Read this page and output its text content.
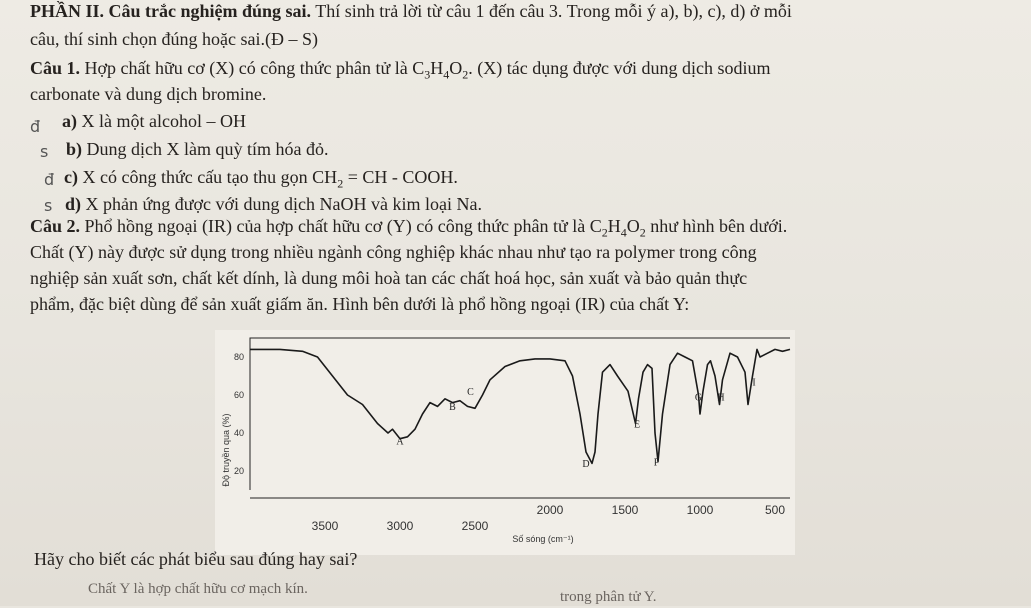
PHẦN II. Câu trắc nghiệm đúng sai. Thí sinh trả lời từ câu 1 đến câu 3. Trong mỗi ý a), b), c), d) ở mỗi
câu, thí sinh chọn đúng hoặc sai.(Đ – S)
Câu 1. Hợp chất hữu cơ (X) có công thức phân tử là $C_3H_4O_2$. (X) tác dụng được với dung dịch sodium
carbonate và dung dịch bromine.
a) X là một alcohol – OH
đ
b) Dung dịch X làm quỳ tím hóa đỏ.
s
c) X có công thức cấu tạo thu gọn $CH_2$ = CH - COOH.
đ
d) X phản ứng được với dung dịch NaOH và kim loại Na.
s
Câu 2. Phổ hồng ngoại (IR) của hợp chất hữu cơ (Y) có công thức phân tử là $C_2H_4O_2$ như hình bên dưới.
Chất (Y) này được sử dụng trong nhiều ngành công nghiệp khác nhau như tạo ra polymer trong công
nghiệp sản xuất sơn, chất kết dính, là dung môi hoà tan các chất hoá học, sản xuất và bảo quản thực
phẩm, đặc biệt dùng để sản xuất giấm ăn. Hình bên dưới là phổ hồng ngoại (IR) của chất Y:
3500	3000	2500
2000	1500	1000	500
20
40
60
80
A
B
C
D
E
F
G H
I
Độ truyền qua (%)
Số sóng (cm⁻¹)
Hãy cho biết các phát biểu sau đúng hay sai?
Chất Y là hợp chất hữu cơ mạch kín.	trong phân tử Y.
